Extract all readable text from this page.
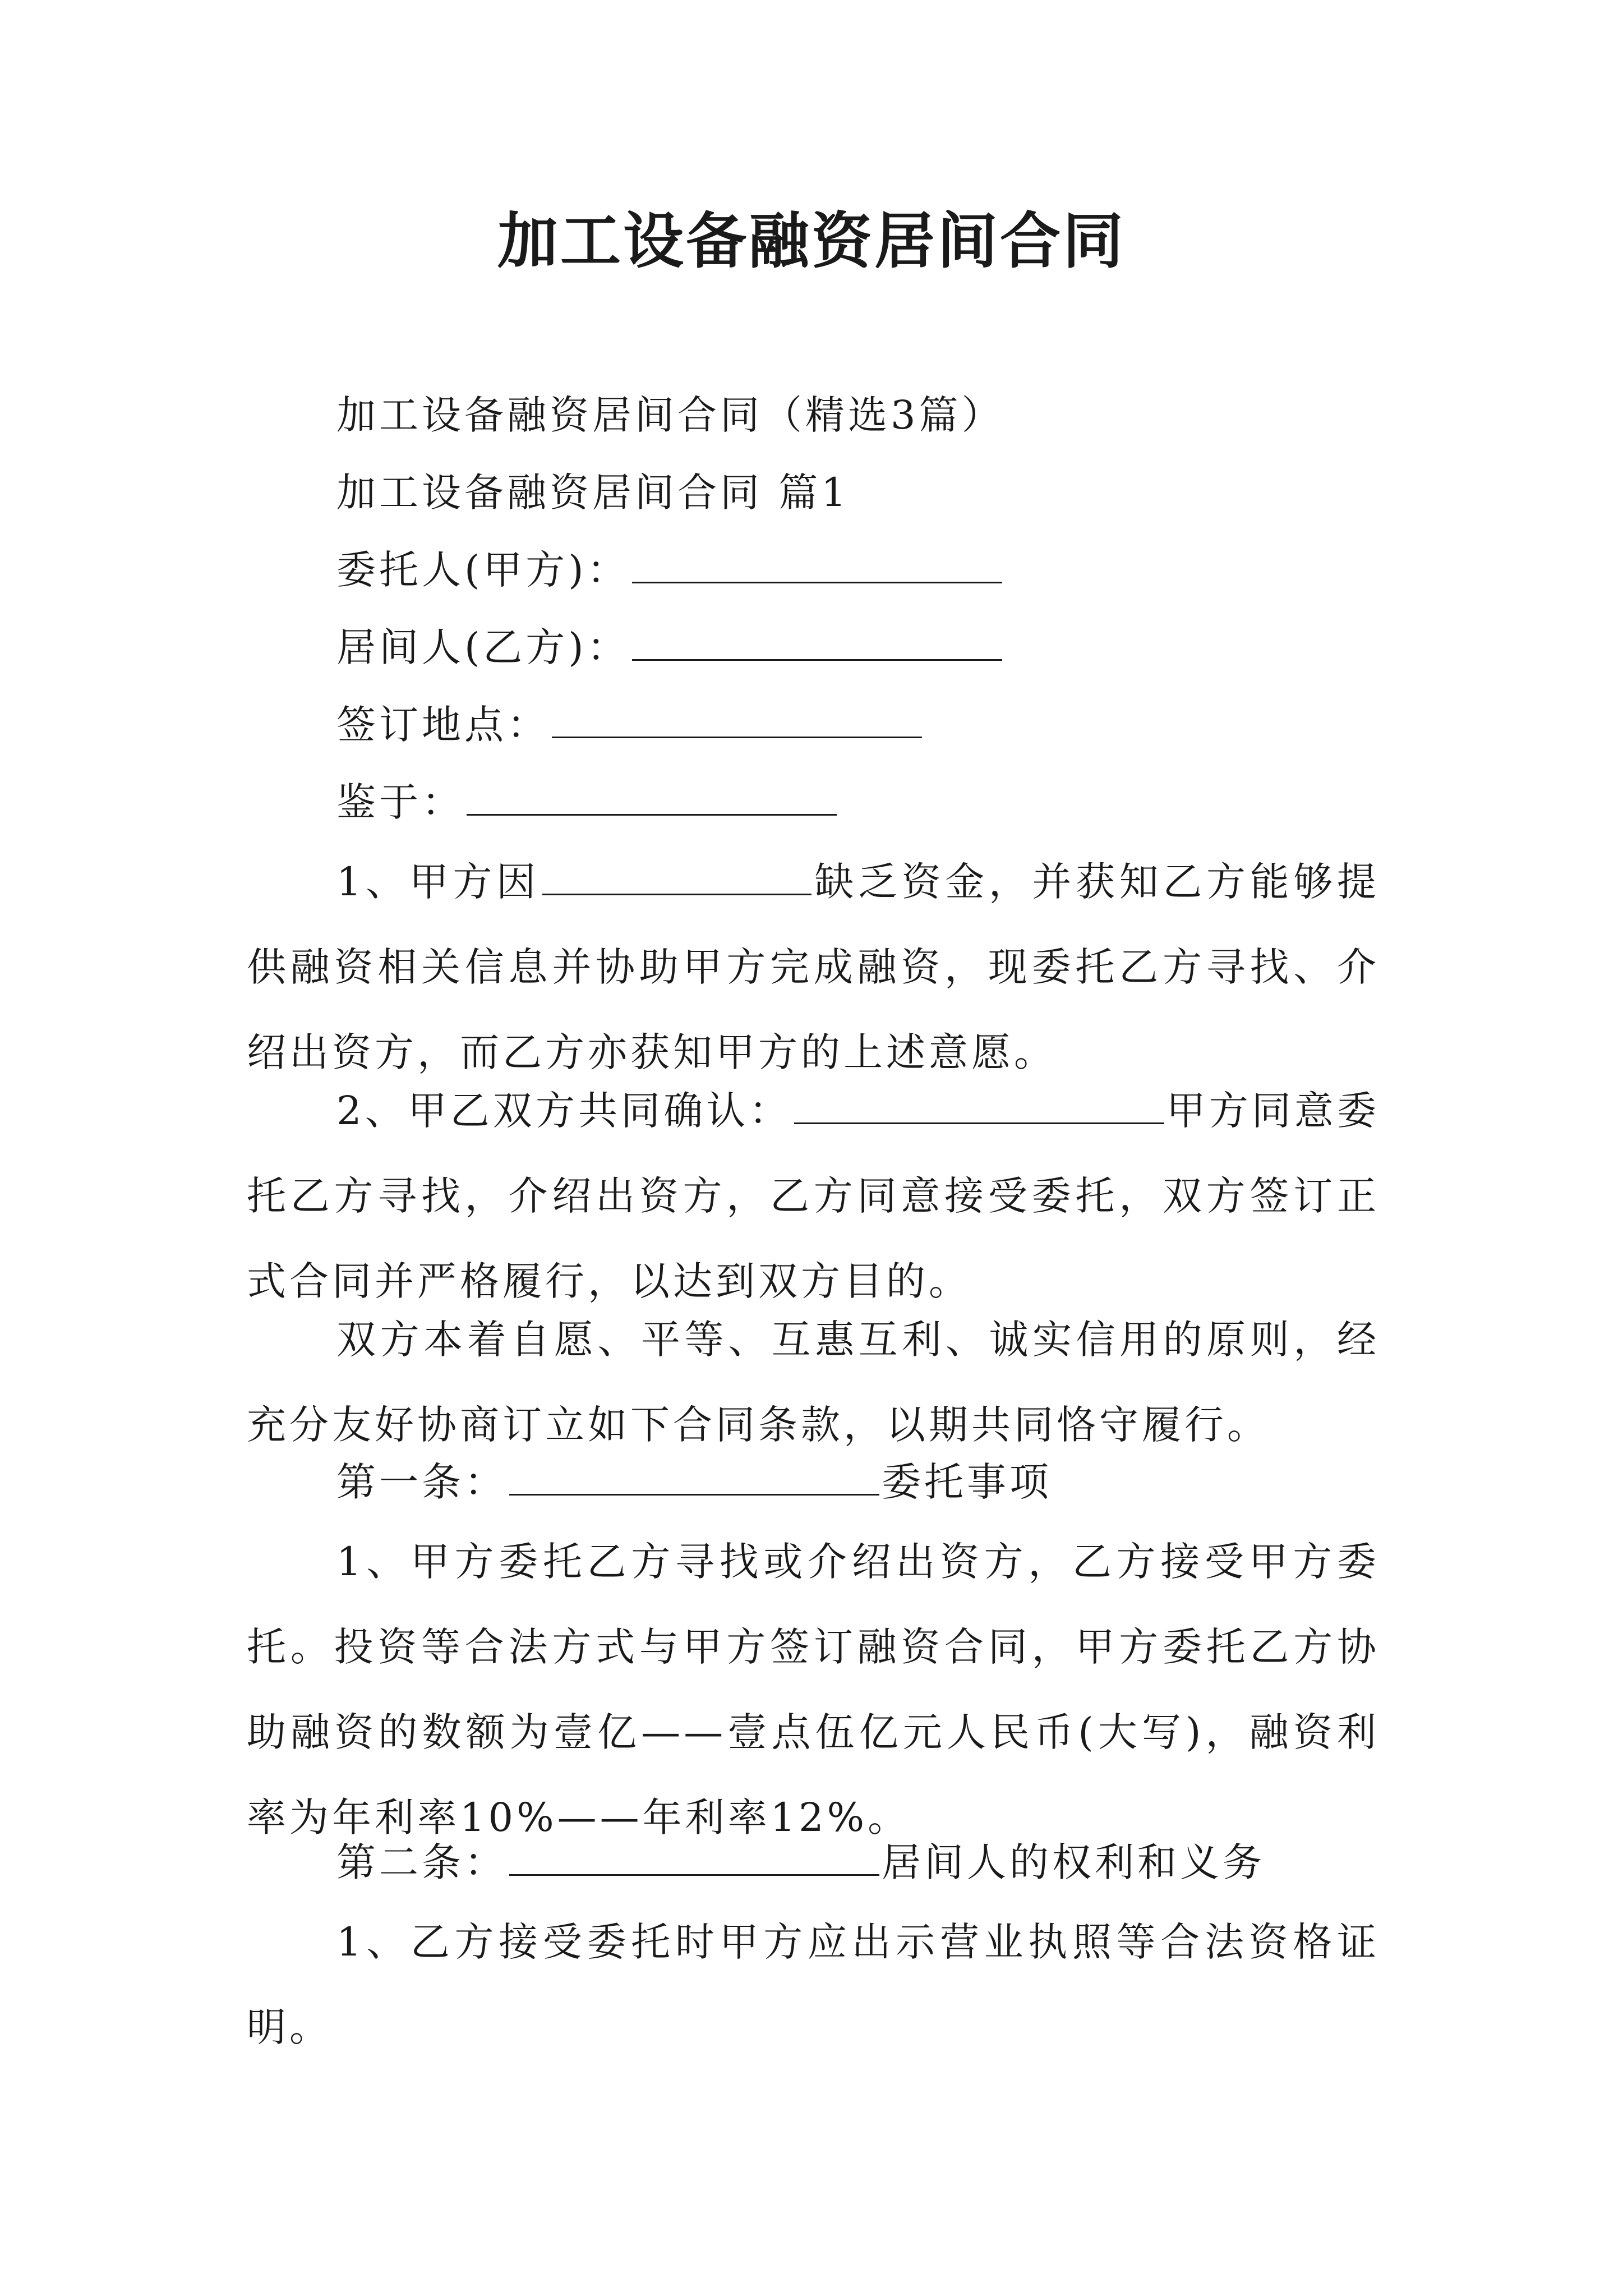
加工设备融资居间合同

加工设备融资居间合同（精选3篇）

加工设备融资居间合同 篇1

委托人(甲方)：

居间人(乙方)：

签订地点：

鉴于：

1、甲方因	缺乏资金，并获知乙方能够提供融资相关信息并协助甲方完成融资，现委托乙方寻找、介绍出资方，而乙方亦获知甲方的上述意愿。

2、甲乙双方共同确认：	甲方同意委托乙方寻找，介绍出资方，乙方同意接受委托，双方签订正式合同并严格履行，以达到双方目的。

双方本着自愿、平等、互惠互利、诚实信用的原则，经充分友好协商订立如下合同条款，以期共同恪守履行。

第一条：	委托事项

1、甲方委托乙方寻找或介绍出资方，乙方接受甲方委托。投资等合法方式与甲方签订融资合同，甲方委托乙方协助融资的数额为壹亿——壹点伍亿元人民币(大写)，融资利率为年利率10%——年利率12%。

第二条：	居间人的权利和义务

1、乙方接受委托时甲方应出示营业执照等合法资格证明。
